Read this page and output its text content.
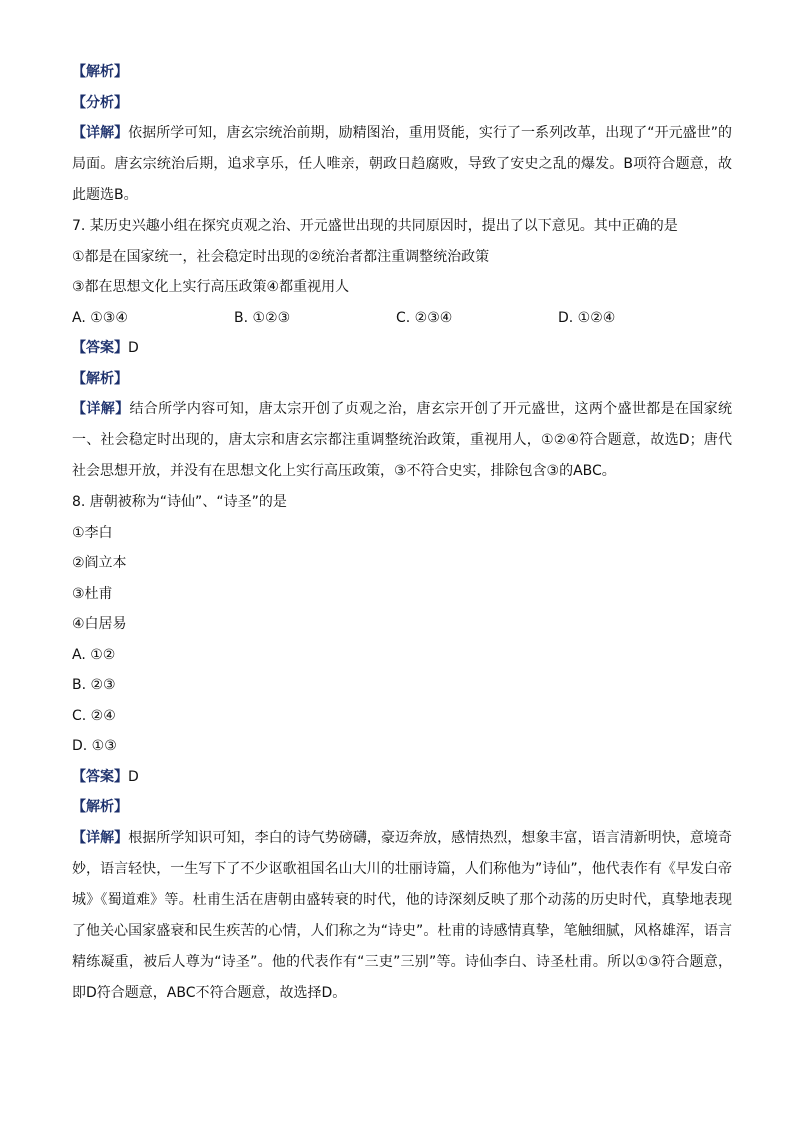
【解析】
【分析】
【详解】依据所学可知，唐玄宗统治前期，励精图治，重用贤能，实行了一系列改革，出现了“开元盛世”的局面。唐玄宗统治后期，追求享乐，任人唯亲，朝政日趋腐败，导致了安史之乱的爆发。B项符合题意，故此题选B。
7. 某历史兴趣小组在探究贞观之治、开元盛世出现的共同原因时，提出了以下意见。其中正确的是
①都是在国家统一，社会稳定时出现的②统治者都注重调整统治政策
③都在思想文化上实行高压政策④都重视用人
A. ①③④	B. ①②③	C. ②③④	D. ①②④
【答案】D
【解析】
【详解】结合所学内容可知，唐太宗开创了贞观之治，唐玄宗开创了开元盛世，这两个盛世都是在国家统一、社会稳定时出现的，唐太宗和唐玄宗都注重调整统治政策，重视用人，①②④符合题意，故选D；唐代社会思想开放，并没有在思想文化上实行高压政策，③不符合史实，排除包含③的ABC。
8. 唐朝被称为“诗仙”、“诗圣”的是
①李白
②阎立本
③杜甫
④白居易
A. ①②
B. ②③
C. ②④
D. ①③
【答案】D
【解析】
【详解】根据所学知识可知，李白的诗气势磅礴，豪迈奔放，感情热烈，想象丰富，语言清新明快，意境奇妙，语言轻快，一生写下了不少讴歌祖国名山大川的壮丽诗篇，人们称他为”诗仙”，他代表作有《早发白帝城》《蜀道难》等。杜甫生活在唐朝由盛转衰的时代，他的诗深刻反映了那个动荡的历史时代，真挚地表现了他关心国家盛衰和民生疾苦的心情，人们称之为“诗史”。杜甫的诗感情真挚，笔触细腻，风格雄浑，语言精练凝重，被后人尊为“诗圣”。他的代表作有“三吏”三别”等。诗仙李白、诗圣杜甫。所以①③符合题意，即D符合题意，ABC不符合题意，故选择D。
